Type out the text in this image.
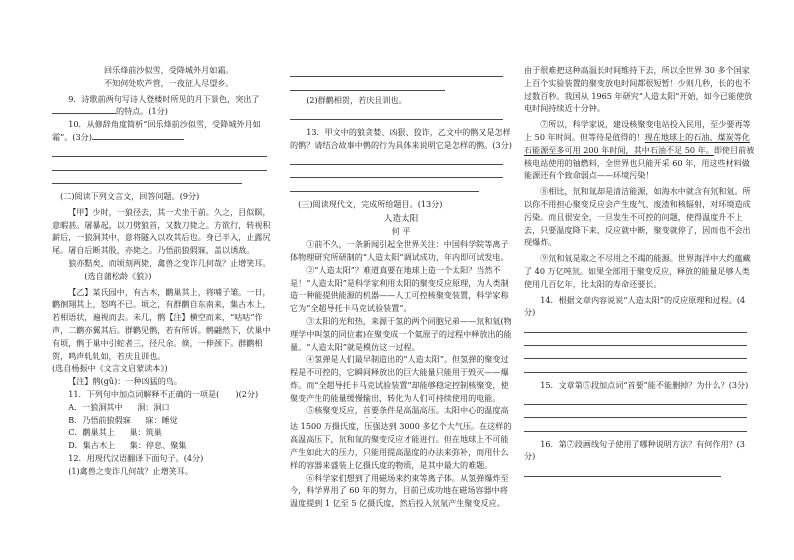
回乐烽前沙似雪，受降城外月如霜。

不知何处吹芦管，一夜征人尽望乡。

9．诗歌前两句写诗人登楼时所见的月下景色，突出了

的特点。(1分)

10．从修辞角度简析“回乐烽前沙似雪，受降城外月如霜”。(3分)

(二)阅读下列文言文，回答问题。(9分)

【甲】少时，一狼径去，其一犬坐于前。久之，目似瞑，意暇甚。屠暴起，以刀劈狼首，又数刀毙之。方欲行，转视积薪后，一狼洞其中，意将隧入以攻其后也。身已半入，止露尻尾。屠自后断其股，亦毙之。乃悟前狼假寐，盖以诱敌。

狼亦黠矣，而顷刻两毙，禽兽之变诈几何哉？止增笑耳。

(选自蒲松龄《狼》)

【乙】某氏园中，有古木，鹳巢其上，将哺子雏。一日，鹳徊翔其上，怒鸣不已。顷之，有群鹳自东南来，集古木上，若相语状，遍视而去。未几，鹘【注】横空而来，“咕咕”作声，二鹳亦翼其后。群鹳见鹘，若有所诉。鹘翩然下，伏巢中有顷，鹘于巢中引蛇者三，径尺余。倏，一伸颈下。群鹳相贺，鸣声轧轧如，若庆且训也。

(选自杨振中《文言文启蒙读本》)

【注】鹘(gǔ)：一种凶猛的鸟。

11．下列句中加点词解释不正确的一项是(　　)(2分)

A．一狼洞其中 洞：洞口

B．乃悟前狼假寐 寐：睡觉

C．鹳巢其上 巢：筑巢

D．集古木上 集：停息、聚集

12．用现代汉语翻译下面句子。(4分)

(1)禽兽之变诈几何哉？止增笑耳。

(2)群鹳相贺，若庆且训也。

13．甲文中的狼贪婪、凶狠、狡诈，乙文中的鹘又是怎样的鹘？请结合故事中鹘的行为具体来说明它是怎样的鹘。(3分)

(三)阅读现代文，完成所给题目。(13分)

人造太阳

何 平

①前不久，一条新闻引起全世界关注：中国科学院等离子体物理研究所研制的“人造太阳”调试成功，年内即可试发电。

②“人造太阳”？难道真要在地球上造一个太阳？当然不是！“人造太阳”是科学家利用太阳的聚变反应原理，为人类制造一种能提供能源的机器——人工可控核聚变装置，科学家称它为“全超导托卡马克试验装置”。

③太阳的光和热，来源于氢的两个同胞兄弟——氘和氚(物理学中叫氢的同位素)在聚变成一个氦原子的过程中释放出的能量。“人造太阳”就是模仿这一过程。

④氢弹是人们最早制造出的“人造太阳”。但氢弹的聚变过程是不可控的，它瞬间释放出的巨大能量只能用于毁灭——爆炸。而“全超导托卡马克试验装置”却能够稳定控制核聚变，使聚变产生的能量缓慢输出，转化为人们可持续使用的电能。

⑤核聚变反应，首要条件是高温高压。太阳中心的温度高达 1500 万摄氏度，压强达到 3000 多亿个大气压。在这样的高温高压下，氘和氚的聚变反应才能进行。但在地球上不可能产生如此大的压力，只能用提高温度的办法来弥补，而用什么样的容器来盛装上亿摄氏度的物质，是其中最大的难题。

⑥科学家们想到了用磁场来约束等离子体。从氢弹爆炸至今，科学界用了 60 年的努力，目前已成功地在磁场容器中将温度提到 1 亿至 5 亿摄氏度，然后投入氘氚产生聚变反应。

由于很难把这种高温长时间维持下去，所以全世界 30 多个国家上百个实验装置的聚变放电时间都很短暂！少则几秒，长的也不过数百秒。我国从 1965 年研究“人造太阳”开始，如今已能使放电时间持续近十分钟。

⑦所以，科学家说，建设核聚变电站投入民用，至少要再等上 50 年时间。但等待是值得的！现在地球上的石油、煤炭等化石能源至多可用 200 年时间，其中石油不足 50 年。即使目前被核电站使用的铀燃料，全世界也只能开采 60 年，用这些材料做能源还有个致命弱点——环境污染！

⑧相比，氘和氚却是清洁能源，如海水中就含有氘和氚。所以你不用担心聚变反应会产生废气、废渣和核辐射，对环境造成污染。而且很安全，一旦发生不可控的问题，使得温度升不上去，只要温度降下来，反应就中断，聚变就停了，因而也不会出现爆炸。

⑨氘和氚是取之不尽用之不竭的能源。世界海洋中大约蕴藏了 40 万亿吨氘。如果全部用于聚变反应，释放的能量足够人类使用几百亿年，比太阳的寿命还要长。

14．根据文章内容说说“人造太阳”的反应原理和过程。(4分)

15．文章第⑤段加点词“首要”能不能删掉？为什么？(3分)

16．第⑦段画线句子使用了哪种说明方法？有何作用？(3分)
